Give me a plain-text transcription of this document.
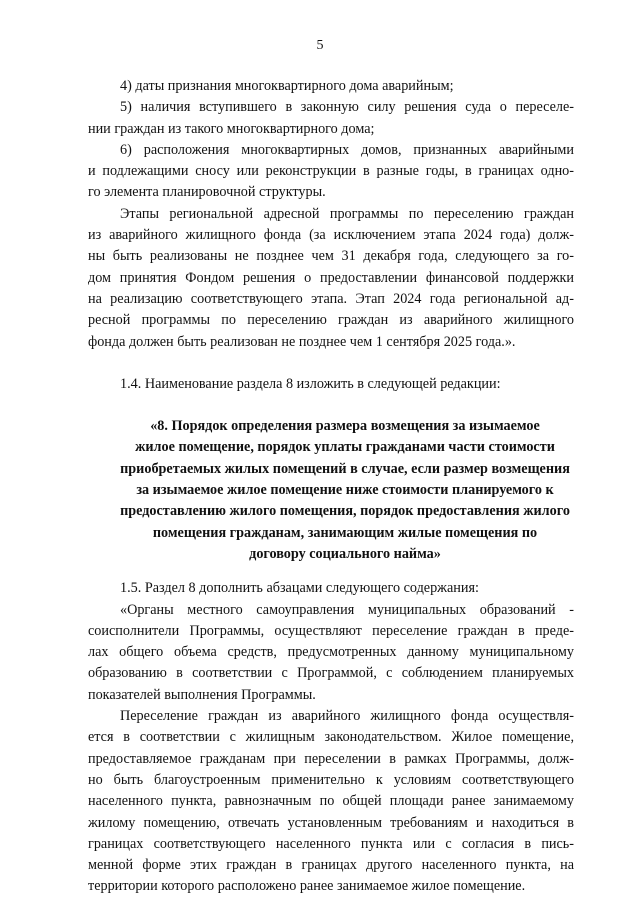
5
4) даты признания многоквартирного дома аварийным;
5) наличия вступившего в законную силу решения суда о переселе-
нии граждан из такого многоквартирного дома;
6) расположения многоквартирных домов, признанных аварийными
и подлежащими сносу или реконструкции в разные годы, в границах одно-
го элемента планировочной структуры.
Этапы региональной адресной программы по переселению граждан
из аварийного жилищного фонда (за исключением этапа 2024 года) долж-
ны быть реализованы не позднее чем 31 декабря года, следующего за го-
дом принятия Фондом решения о предоставлении финансовой поддержки
на реализацию соответствующего этапа. Этап 2024 года региональной ад-
ресной программы по переселению граждан из аварийного жилищного
фонда должен быть реализован не позднее чем 1 сентября 2025 года.».
1.4. Наименование раздела 8 изложить в следующей редакции:
«8. Порядок определения размера возмещения за изымаемое
жилое помещение, порядок уплаты гражданами части стоимости
приобретаемых жилых помещений в случае, если размер возмещения
за изымаемое жилое помещение ниже стоимости планируемого к
предоставлению жилого помещения, порядок предоставления жилого
помещения гражданам, занимающим жилые помещения по
договору социального найма»
1.5. Раздел 8 дополнить абзацами следующего содержания:
«Органы местного самоуправления муниципальных образований -
соисполнители Программы, осуществляют переселение граждан в преде-
лах общего объема средств, предусмотренных данному муниципальному
образованию в соответствии с Программой, с соблюдением планируемых
показателей выполнения Программы.
Переселение граждан из аварийного жилищного фонда осуществля-
ется в соответствии с жилищным законодательством. Жилое помещение,
предоставляемое гражданам при переселении в рамках Программы, долж-
но быть благоустроенным применительно к условиям соответствующего
населенного пункта, равнозначным по общей площади ранее занимаемому
жилому помещению, отвечать установленным требованиям и находиться в
границах соответствующего населенного пункта или с согласия в пись-
менной форме этих граждан в границах другого населенного пункта, на
территории которого расположено ранее занимаемое жилое помещение.
